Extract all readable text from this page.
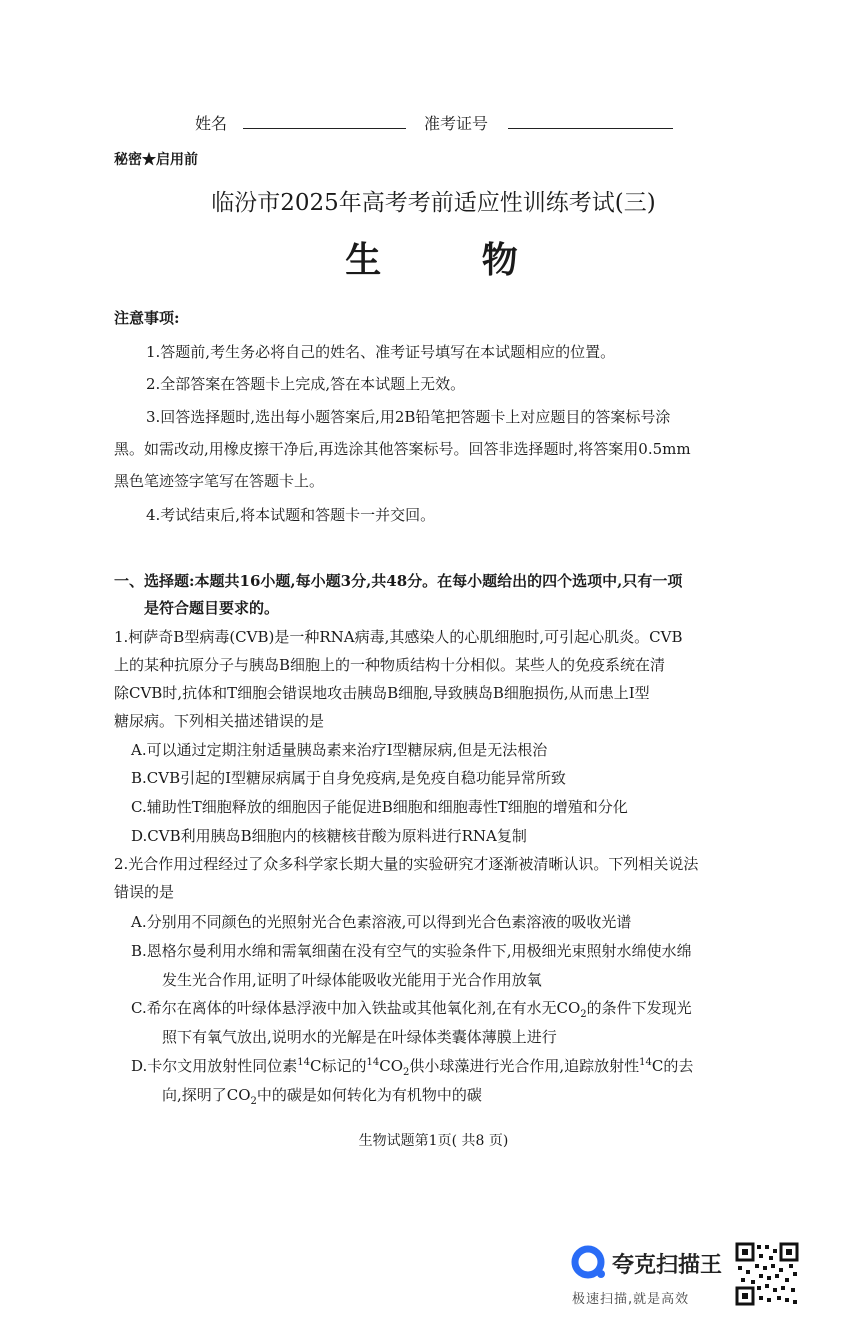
姓名	准考证号
秘密★启用前
临汾市2025年高考考前适应性训练考试(三)
生 物
注意事项:
1.答题前,考生务必将自己的姓名、准考证号填写在本试题相应的位置。
2.全部答案在答题卡上完成,答在本试题上无效。
3.回答选择题时,选出每小题答案后,用2B铅笔把答题卡上对应题目的答案标号涂
黑。如需改动,用橡皮擦干净后,再选涂其他答案标号。回答非选择题时,将答案用0.5mm
黑色笔迹签字笔写在答题卡上。
4.考试结束后,将本试题和答题卡一并交回。
一、选择题:本题共16小题,每小题3分,共48分。在每小题给出的四个选项中,只有一项
是符合题目要求的。
1.柯萨奇B型病毒(CVB)是一种RNA病毒,其感染人的心肌细胞时,可引起心肌炎。CVB
上的某种抗原分子与胰岛B细胞上的一种物质结构十分相似。某些人的免疫系统在清
除CVB时,抗体和T细胞会错误地攻击胰岛B细胞,导致胰岛B细胞损伤,从而患上I型
糖尿病。下列相关描述错误的是
A.可以通过定期注射适量胰岛素来治疗I型糖尿病,但是无法根治
B.CVB引起的I型糖尿病属于自身免疫病,是免疫自稳功能异常所致
C.辅助性T细胞释放的细胞因子能促进B细胞和细胞毒性T细胞的增殖和分化
D.CVB利用胰岛B细胞内的核糖核苷酸为原料进行RNA复制
2.光合作用过程经过了众多科学家长期大量的实验研究才逐渐被清晰认识。下列相关说法
错误的是
A.分别用不同颜色的光照射光合色素溶液,可以得到光合色素溶液的吸收光谱
B.恩格尔曼利用水绵和需氧细菌在没有空气的实验条件下,用极细光束照射水绵使水绵
发生光合作用,证明了叶绿体能吸收光能用于光合作用放氧
C.希尔在离体的叶绿体悬浮液中加入铁盐或其他氧化剂,在有水无$CO_2$的条件下发现光
照下有氧气放出,说明水的光解是在叶绿体类囊体薄膜上进行
D.卡尔文用放射性同位素$^{14}$C标记的$^{14}CO_2$供小球藻进行光合作用,追踪放射性$^{14}$C的去
向,探明了$CO_2$中的碳是如何转化为有机物中的碳
生物试题第1页( 共8 页)
夸克扫描王
极速扫描,就是高效
